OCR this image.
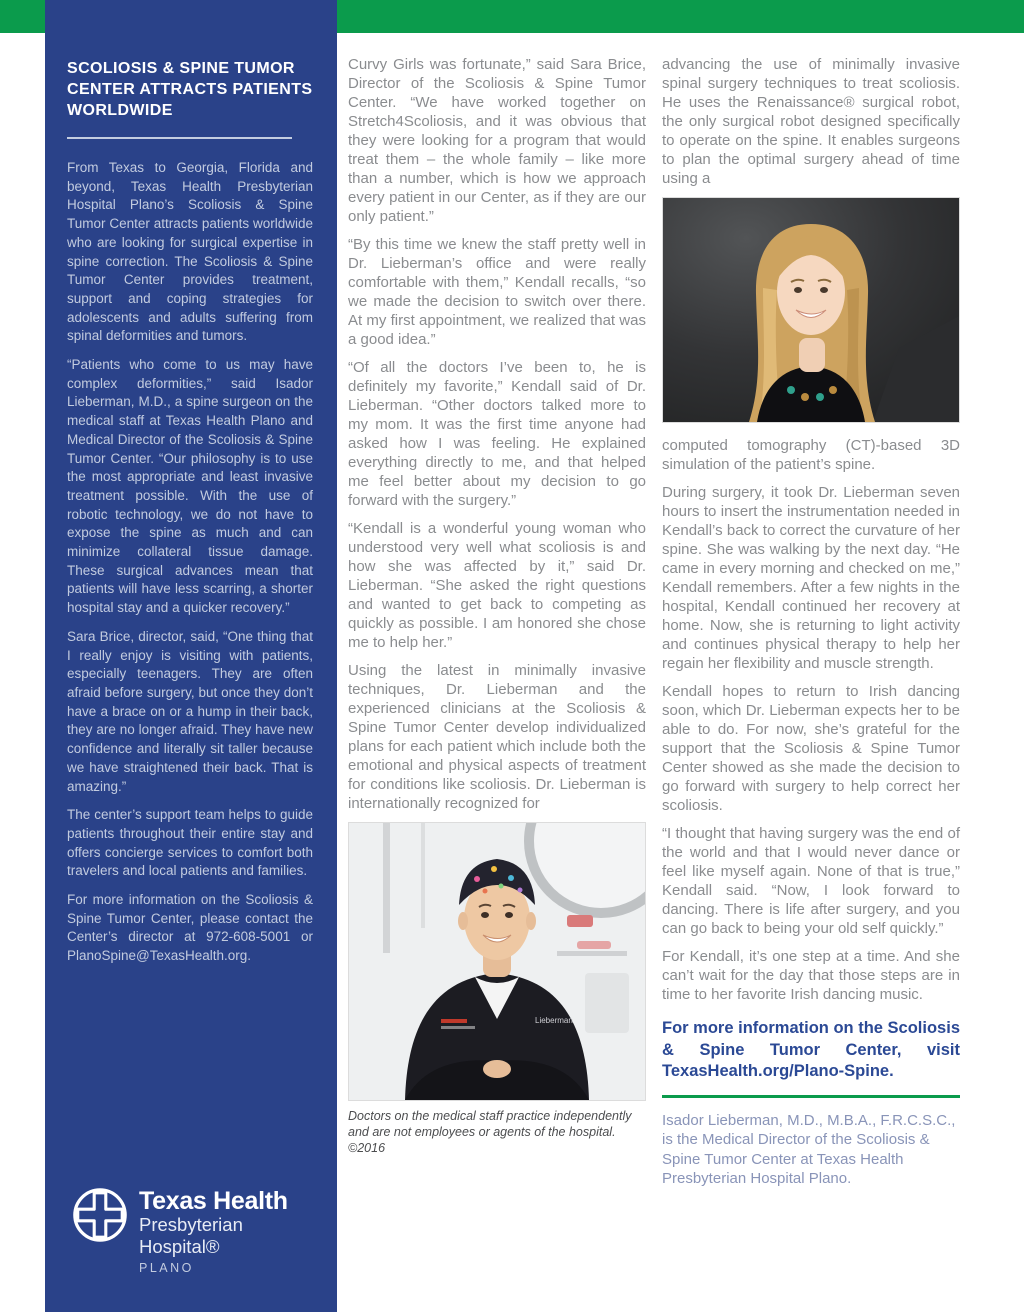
SCOLIOSIS & SPINE TUMOR CENTER ATTRACTS PATIENTS WORLDWIDE

From Texas to Georgia, Florida and beyond, Texas Health Presbyterian Hospital Plano’s Scoliosis & Spine Tumor Center attracts patients worldwide who are looking for surgical expertise in spine correction. The Scoliosis & Spine Tumor Center provides treatment, support and coping strategies for adolescents and adults suffering from spinal deformities and tumors.

“Patients who come to us may have complex deformities,” said Isador Lieberman, M.D., a spine surgeon on the medical staff at Texas Health Plano and Medical Director of the Scoliosis & Spine Tumor Center. “Our philosophy is to use the most appropriate and least invasive treatment possible. With the use of robotic technology, we do not have to expose the spine as much and can minimize collateral tissue damage. These surgical advances mean that patients will have less scarring, a shorter hospital stay and a quicker recovery.”

Sara Brice, director, said, “One thing that I really enjoy is visiting with patients, especially teenagers. They are often afraid before surgery, but once they don’t have a brace on or a hump in their back, they are no longer afraid. They have new confidence and literally sit taller because we have straightened their back. That is amazing.”

The center’s support team helps to guide patients throughout their entire stay and offers concierge services to comfort both travelers and local patients and families.

For more information on the Scoliosis & Spine Tumor Center, please contact the Center’s director at 972-608-5001 or PlanoSpine@TexasHealth.org.

Texas Health
Presbyterian Hospital®
PLANO

Curvy Girls was fortunate,” said Sara Brice, Director of the Scoliosis & Spine Tumor Center. “We have worked together on Stretch4Scoliosis, and it was obvious that they were looking for a program that would treat them – the whole family – like more than a number, which is how we approach every patient in our Center, as if they are our only patient.”

“By this time we knew the staff pretty well in Dr. Lieberman’s office and were really comfortable with them,” Kendall recalls, “so we made the decision to switch over there. At my first appointment, we realized that was a good idea.”

“Of all the doctors I’ve been to, he is definitely my favorite,” Kendall said of Dr. Lieberman. “Other doctors talked more to my mom. It was the first time anyone had asked how I was feeling. He explained everything directly to me, and that helped me feel better about my decision to go forward with the surgery.”

“Kendall is a wonderful young woman who understood very well what scoliosis is and how she was affected by it,” said Dr. Lieberman. “She asked the right questions and wanted to get back to competing as quickly as possible. I am honored she chose me to help her.”

Using the latest in minimally invasive techniques, Dr. Lieberman and the experienced clinicians at the Scoliosis & Spine Tumor Center develop individualized plans for each patient which include both the emotional and physical aspects of treatment for conditions like scoliosis. Dr. Lieberman is internationally recognized for

Lieberman
Doctors on the medical staff practice independently and are not employees or agents of the hospital. ©2016

advancing the use of minimally invasive spinal surgery techniques to treat scoliosis. He uses the Renaissance® surgical robot, the only surgical robot designed specifically to operate on the spine. It enables surgeons to plan the optimal surgery ahead of time using a

computed tomography (CT)-based 3D simulation of the patient’s spine.

During surgery, it took Dr. Lieberman seven hours to insert the instrumentation needed in Kendall’s back to correct the curvature of her spine. She was walking by the next day. “He came in every morning and checked on me,” Kendall remembers. After a few nights in the hospital, Kendall continued her recovery at home. Now, she is returning to light activity and continues physical therapy to help her regain her flexibility and muscle strength.

Kendall hopes to return to Irish dancing soon, which Dr. Lieberman expects her to be able to do. For now, she’s grateful for the support that the Scoliosis & Spine Tumor Center showed as she made the decision to go forward with surgery to help correct her scoliosis.

“I thought that having surgery was the end of the world and that I would never dance or feel like myself again. None of that is true,” Kendall said. “Now, I look forward to dancing. There is life after surgery, and you can go back to being your old self quickly.”

For Kendall, it’s one step at a time. And she can’t wait for the day that those steps are in time to her favorite Irish dancing music.

For more information on the Scoliosis & Spine Tumor Center, visit TexasHealth.org/Plano-Spine.
Isador Lieberman, M.D., M.B.A., F.R.C.S.C., is the Medical Director of the Scoliosis & Spine Tumor Center at Texas Health Presbyterian Hospital Plano.
